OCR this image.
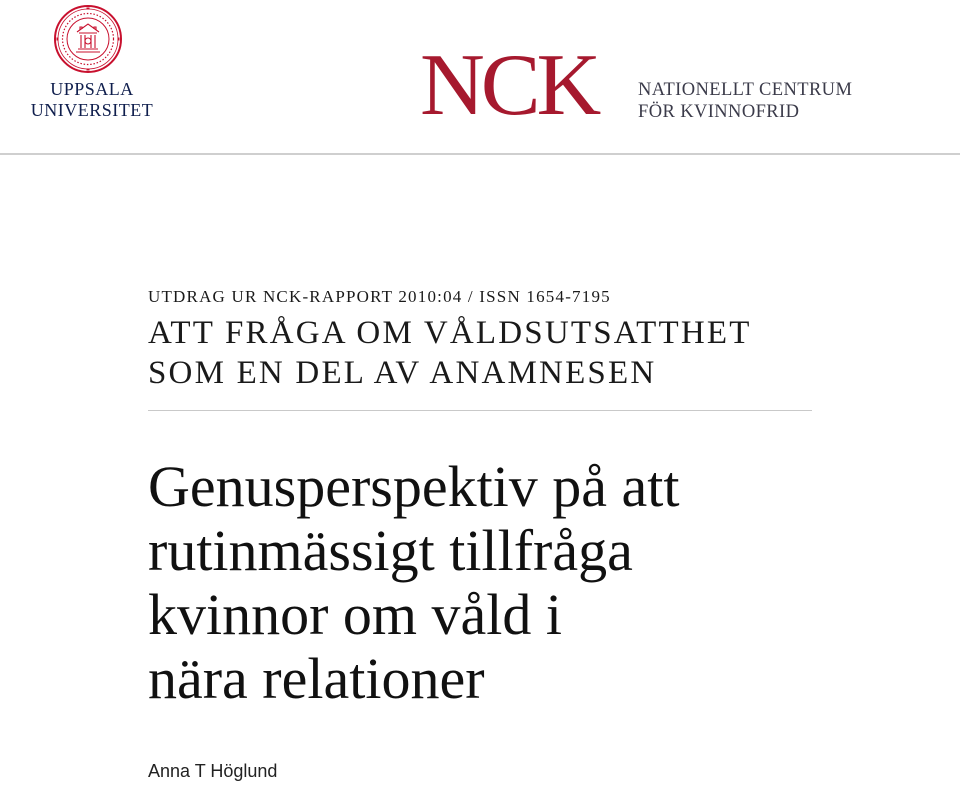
UPPSALA
UNIVERSITET	NCK NATIONELLT CENTRUM
FÖR KVINNOFRID
UTDRAG UR NCK-RAPPORT 2010:04 / ISSN 1654-7195
ATT FRÅGA OM VÅLDSUTSATTHET
SOM EN DEL AV ANAMNESEN
Genusperspektiv på att
rutinmässigt tillfråga
kvinnor om våld i
nära relationer
Anna T Höglund
